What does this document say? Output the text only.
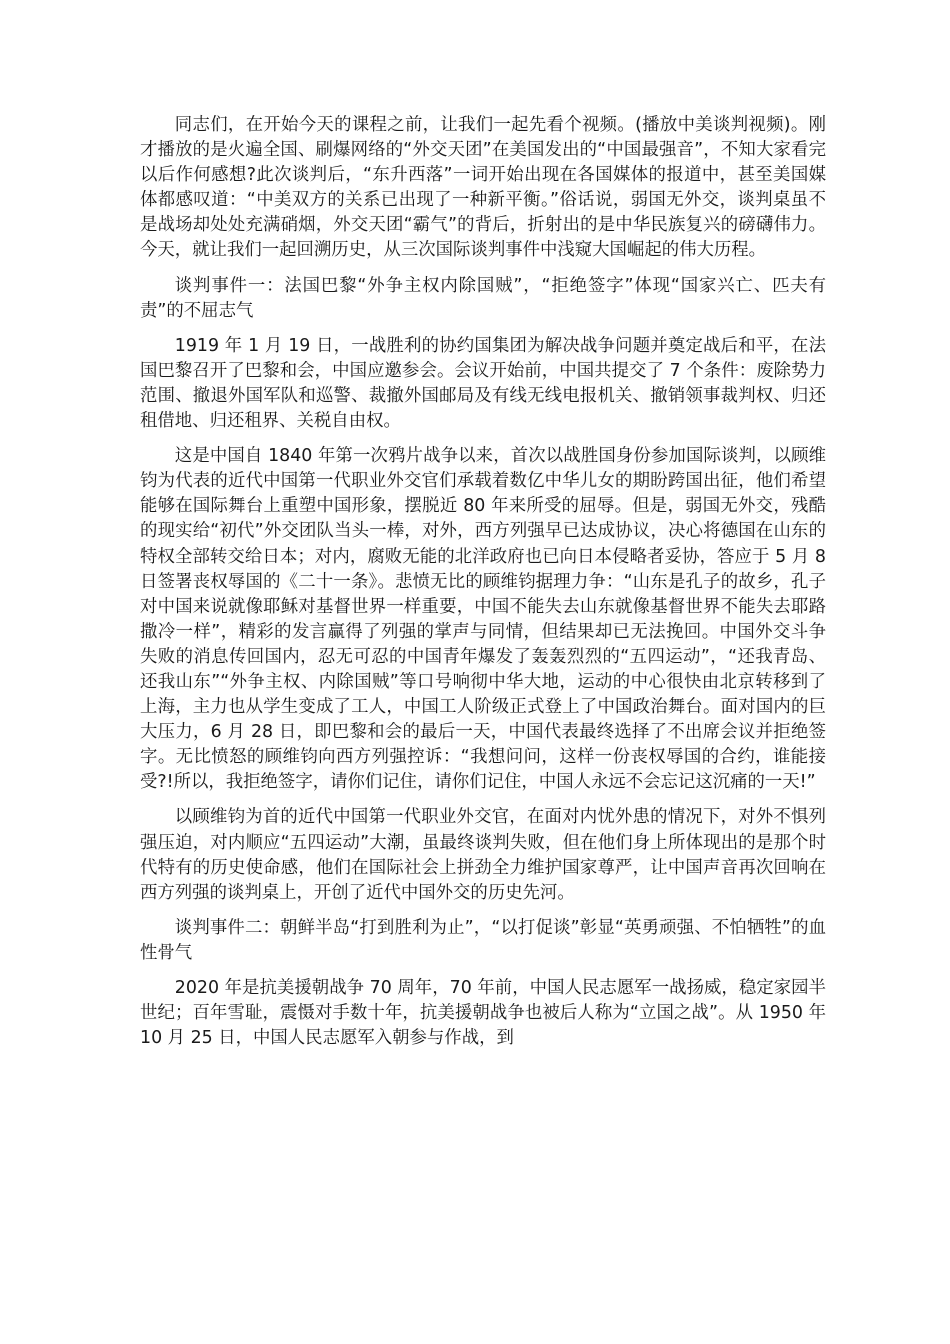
同志们，在开始今天的课程之前，让我们一起先看个视频。(播放中美谈判视频)。刚才播放的是火遍全国、刷爆网络的“外交天团”在美国发出的“中国最强音”，不知大家看完以后作何感想?此次谈判后，“东升西落”一词开始出现在各国媒体的报道中，甚至美国媒体都感叹道：“中美双方的关系已出现了一种新平衡。”俗话说，弱国无外交，谈判桌虽不是战场却处处充满硝烟，外交天团“霸气”的背后，折射出的是中华民族复兴的磅礴伟力。今天，就让我们一起回溯历史，从三次国际谈判事件中浅窥大国崛起的伟大历程。

谈判事件一：法国巴黎“外争主权内除国贼”，“拒绝签字”体现“国家兴亡、匹夫有责”的不屈志气

1919 年 1 月 19 日，一战胜利的协约国集团为解决战争问题并奠定战后和平，在法国巴黎召开了巴黎和会，中国应邀参会。会议开始前，中国共提交了 7 个条件：废除势力范围、撤退外国军队和巡警、裁撤外国邮局及有线无线电报机关、撤销领事裁判权、归还租借地、归还租界、关税自由权。

这是中国自 1840 年第一次鸦片战争以来，首次以战胜国身份参加国际谈判，以顾维钧为代表的近代中国第一代职业外交官们承载着数亿中华儿女的期盼跨国出征，他们希望能够在国际舞台上重塑中国形象，摆脱近 80 年来所受的屈辱。但是，弱国无外交，残酷的现实给“初代”外交团队当头一棒，对外，西方列强早已达成协议，决心将德国在山东的特权全部转交给日本；对内，腐败无能的北洋政府也已向日本侵略者妥协，答应于 5 月 8 日签署丧权辱国的《二十一条》。悲愤无比的顾维钧据理力争：“山东是孔子的故乡，孔子对中国来说就像耶稣对基督世界一样重要，中国不能失去山东就像基督世界不能失去耶路撒冷一样”，精彩的发言赢得了列强的掌声与同情，但结果却已无法挽回。中国外交斗争失败的消息传回国内，忍无可忍的中国青年爆发了轰轰烈烈的“五四运动”，“还我青岛、还我山东”“外争主权、内除国贼”等口号响彻中华大地，运动的中心很快由北京转移到了上海，主力也从学生变成了工人，中国工人阶级正式登上了中国政治舞台。面对国内的巨大压力，6 月 28 日，即巴黎和会的最后一天，中国代表最终选择了不出席会议并拒绝签字。无比愤怒的顾维钧向西方列强控诉：“我想问问，这样一份丧权辱国的合约，谁能接受?!所以，我拒绝签字，请你们记住，请你们记住，中国人永远不会忘记这沉痛的一天!”

以顾维钧为首的近代中国第一代职业外交官，在面对内忧外患的情况下，对外不惧列强压迫，对内顺应“五四运动”大潮，虽最终谈判失败，但在他们身上所体现出的是那个时代特有的历史使命感，他们在国际社会上拼劲全力维护国家尊严，让中国声音再次回响在西方列强的谈判桌上，开创了近代中国外交的历史先河。

谈判事件二：朝鲜半岛“打到胜利为止”，“以打促谈”彰显“英勇顽强、不怕牺牲”的血性骨气

2020 年是抗美援朝战争 70 周年，70 年前，中国人民志愿军一战扬威，稳定家园半世纪；百年雪耻，震慑对手数十年，抗美援朝战争也被后人称为“立国之战”。从 1950 年 10 月 25 日，中国人民志愿军入朝参与作战，到
